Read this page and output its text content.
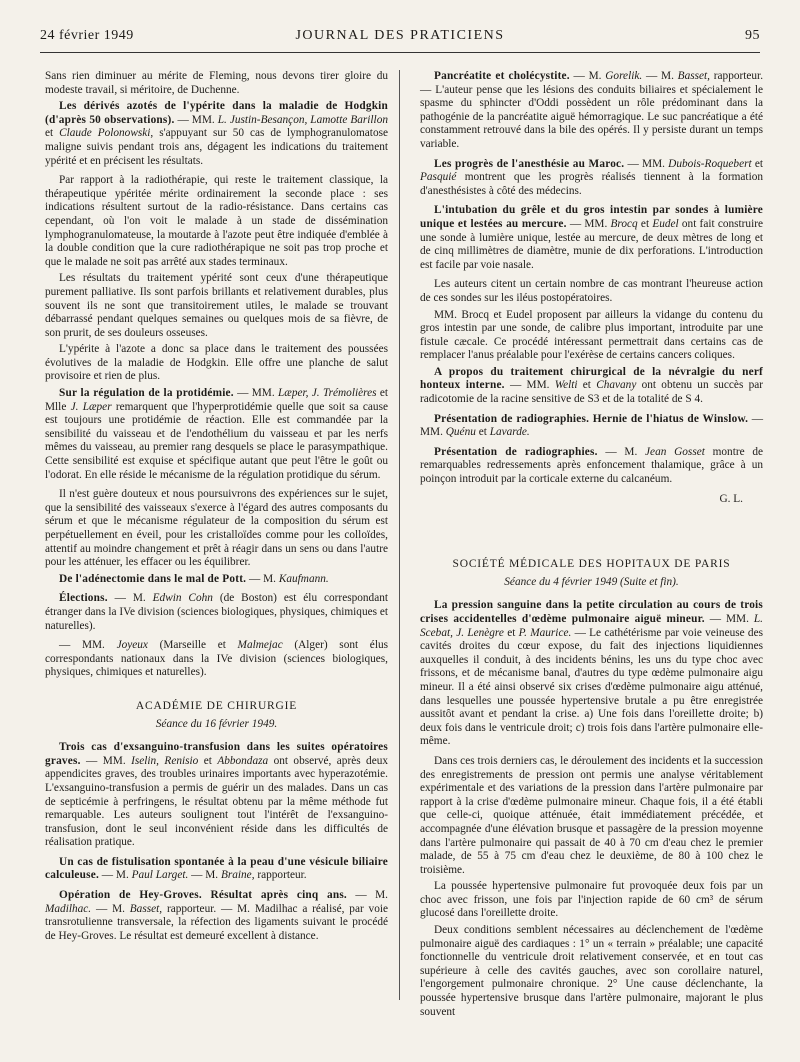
24 février 1949	JOURNAL DES PRATICIENS	95

Sans rien diminuer au mérite de Fleming, nous devons tirer gloire du modeste travail, si méritoire, de Duchenne.

Les dérivés azotés de l'ypérite dans la maladie de Hodgkin (d'après 50 observations). — MM. L. Justin-Besançon, Lamotte Barillon et Claude Polonowski, s'appuyant sur 50 cas de lymphogranulomatose maligne suivis pendant trois ans, dégagent les indications du traitement ypérité et en précisent les résultats.

Par rapport à la radiothérapie, qui reste le traitement classique, la thérapeutique ypéritée mérite ordinairement la seconde place : ses indications résultent surtout de la radio-résistance. Dans certains cas cependant, où l'on voit le malade à un stade de dissémination lymphogranulomateuse, la moutarde à l'azote peut être indiquée d'emblée à la double condition que la cure radiothérapique ne soit pas trop proche et que le malade ne soit pas arrêté aux stades terminaux.

Les résultats du traitement ypérité sont ceux d'une thérapeutique purement palliative. Ils sont parfois brillants et relativement durables, plus souvent ils ne sont que transitoirement utiles, le malade se trouvant débarrassé pendant quelques semaines ou quelques mois de sa fièvre, de son prurit, de ses douleurs osseuses.

L'ypérite à l'azote a donc sa place dans le traitement des poussées évolutives de la maladie de Hodgkin. Elle offre une planche de salut provisoire et rien de plus.

Sur la régulation de la protidémie. — MM. Læper, J. Trémolières et Mlle J. Læper remarquent que l'hyperprotidémie quelle que soit sa cause est toujours une protidémie de réaction. Elle est commandée par la sensibilité du vaisseau et de l'endothélium du vaisseau et par les nerfs mêmes du vaisseau, au premier rang desquels se place le parasympathique. Cette sensibilité est exquise et spécifique autant que peut l'être le goût ou l'odorat. En elle réside le mécanisme de la régulation protidique du sérum.

Il n'est guère douteux et nous poursuivrons des expériences sur le sujet, que la sensibilité des vaisseaux s'exerce à l'égard des autres composants du sérum et que le mécanisme régulateur de la composition du sérum est perpétuellement en éveil, pour les cristalloïdes comme pour les colloïdes, attentif au moindre changement et prêt à réagir dans un sens ou dans l'autre pour les atténuer, les effacer ou les équilibrer.

De l'adénectomie dans le mal de Pott. — M. Kaufmann.
Élections. — M. Edwin Cohn (de Boston) est élu correspondant étranger dans la IVe division (sciences biologiques, physiques, chimiques et naturelles).

— MM. Joyeux (Marseille et Malmejac (Alger) sont élus correspondants nationaux dans la IVe division (sciences biologiques, physiques, chimiques et naturelles).

ACADÉMIE DE CHIRURGIE
Séance du 16 février 1949.
Trois cas d'exsanguino-transfusion dans les suites opératoires graves. — MM. Iselin, Renisio et Abbondaza ont observé, après deux appendicites graves, des troubles urinaires importants avec hyperazotémie. L'exsanguino-transfusion a permis de guérir un des malades. Dans un cas de septicémie à perfringens, le résultat obtenu par la même méthode fut remarquable. Les auteurs soulignent tout l'intérêt de l'exsanguino-transfusion, dont le seul inconvénient réside dans les difficultés de réalisation pratique.
Un cas de fistulisation spontanée à la peau d'une vésicule biliaire calculeuse. — M. Paul Larget. — M. Braine, rapporteur.
Opération de Hey-Groves. Résultat après cinq ans. — M. Madilhac. — M. Basset, rapporteur. — M. Madilhac a réalisé, par voie transrotulienne transversale, la réfection des ligaments suivant le procédé de Hey-Groves. Le résultat est demeuré excellent à distance.
Pancréatite et cholécystite. — M. Gorelik. — M. Basset, rapporteur. — L'auteur pense que les lésions des conduits biliaires et spécialement le spasme du sphincter d'Oddi possèdent un rôle prédominant dans la pathogénie de la pancréatite aiguë hémorragique. Le suc pancréatique a été constamment retrouvé dans la bile des opérés. Il y persiste durant un temps variable.
Les progrès de l'anesthésie au Maroc. — MM. Dubois-Roquebert et Pasquié montrent que les progrès réalisés tiennent à la formation d'anesthésistes à côté des médecins.
L'intubation du grêle et du gros intestin par sondes à lumière unique et lestées au mercure. — MM. Brocq et Eudel ont fait construire une sonde à lumière unique, lestée au mercure, de deux mètres de long et de cinq millimètres de diamètre, munie de dix perforations. L'introduction est facile par voie nasale.

Les auteurs citent un certain nombre de cas montrant l'heureuse action de ces sondes sur les iléus postopératoires.

MM. Brocq et Eudel proposent par ailleurs la vidange du contenu du gros intestin par une sonde, de calibre plus important, introduite par une fistule cæcale. Ce procédé intéressant permettrait dans certains cas de remplacer l'anus préalable pour l'exérèse de certains cancers coliques.

A propos du traitement chirurgical de la névralgie du nerf honteux interne. — MM. Welti et Chavany ont obtenu un succès par radicotomie de la racine sensitive de S3 et de la totalité de S 4.
Présentation de radiographies. Hernie de l'hiatus de Winslow. — MM. Quénu et Lavarde.
Présentation de radiographies. — M. Jean Gosset montre de remarquables redressements après enfoncement thalamique, grâce à un poinçon introduit par la corticale externe du calcanéum.
G. L.
SOCIÉTÉ MÉDICALE DES HOPITAUX DE PARIS
Séance du 4 février 1949 (Suite et fin).
La pression sanguine dans la petite circulation au cours de trois crises accidentelles d'œdème pulmonaire aiguë mineur. — MM. L. Scebat, J. Lenègre et P. Maurice. — Le cathétérisme par voie veineuse des cavités droites du cœur expose, du fait des injections liquidiennes auxquelles il conduit, à des incidents bénins, les uns du type choc avec frissons, et de mécanisme banal, d'autres du type œdème pulmonaire aigu mineur. Il a été ainsi observé six crises d'œdème pulmonaire aigu atténué, dans lesquelles une poussée hypertensive brutale a pu être enregistrée aussitôt avant et pendant la crise. a) Une fois dans l'oreillette droite; b) deux fois dans le ventricule droit; c) trois fois dans l'artère pulmonaire elle-même.

Dans ces trois derniers cas, le déroulement des incidents et la succession des enregistrements de pression ont permis une analyse véritablement expérimentale et des variations de la pression dans l'artère pulmonaire par rapport à la crise d'œdème pulmonaire mineur. Chaque fois, il a été établi que celle-ci, quoique atténuée, était immédiatement précédée, et accompagnée d'une élévation brusque et passagère de la pression moyenne dans l'artère pulmonaire qui passait de 40 à 70 cm d'eau chez le premier malade, de 55 à 75 cm d'eau chez le deuxième, de 80 à 100 chez le troisième.

La poussée hypertensive pulmonaire fut provoquée deux fois par un choc avec frisson, une fois par l'injection rapide de 60 cm³ de sérum glucosé dans l'oreillette droite.

Deux conditions semblent nécessaires au déclenchement de l'œdème pulmonaire aiguë des cardiaques : 1° un « terrain » préalable; une capacité fonctionnelle du ventricule droit relativement conservée, et en tout cas supérieure à celle des cavités gauches, avec son corollaire naturel, l'engorgement pulmonaire chronique. 2° Une cause déclenchante, la poussée hypertensive brusque dans l'artère pulmonaire, majorant le plus souvent
